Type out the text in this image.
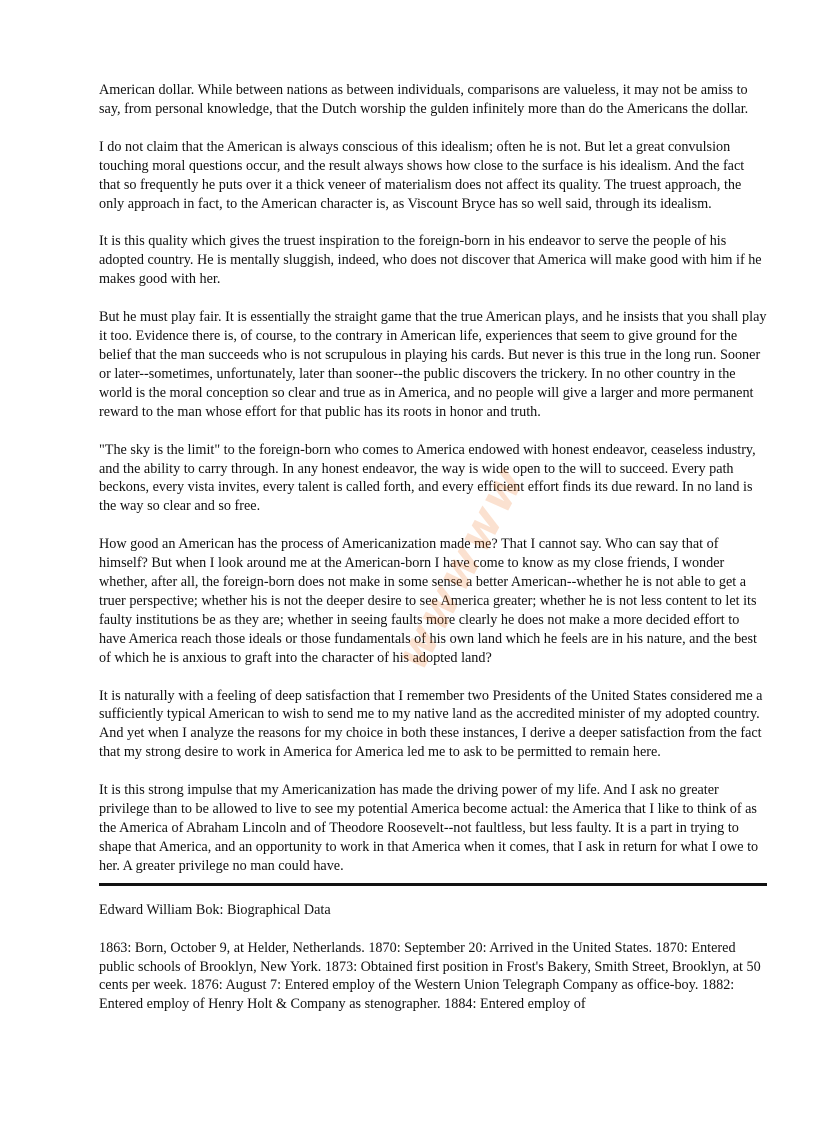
American dollar. While between nations as between individuals, comparisons are valueless, it may not be amiss to say, from personal knowledge, that the Dutch worship the gulden infinitely more than do the Americans the dollar.

I do not claim that the American is always conscious of this idealism; often he is not. But let a great convulsion touching moral questions occur, and the result always shows how close to the surface is his idealism. And the fact that so frequently he puts over it a thick veneer of materialism does not affect its quality. The truest approach, the only approach in fact, to the American character is, as Viscount Bryce has so well said, through its idealism.

It is this quality which gives the truest inspiration to the foreign-born in his endeavor to serve the people of his adopted country. He is mentally sluggish, indeed, who does not discover that America will make good with him if he makes good with her.

But he must play fair. It is essentially the straight game that the true American plays, and he insists that you shall play it too. Evidence there is, of course, to the contrary in American life, experiences that seem to give ground for the belief that the man succeeds who is not scrupulous in playing his cards. But never is this true in the long run. Sooner or later--sometimes, unfortunately, later than sooner--the public discovers the trickery. In no other country in the world is the moral conception so clear and true as in America, and no people will give a larger and more permanent reward to the man whose effort for that public has its roots in honor and truth.

"The sky is the limit" to the foreign-born who comes to America endowed with honest endeavor, ceaseless industry, and the ability to carry through. In any honest endeavor, the way is wide open to the will to succeed. Every path beckons, every vista invites, every talent is called forth, and every efficient effort finds its due reward. In no land is the way so clear and so free.

How good an American has the process of Americanization made me? That I cannot say. Who can say that of himself? But when I look around me at the American-born I have come to know as my close friends, I wonder whether, after all, the foreign-born does not make in some sense a better American--whether he is not able to get a truer perspective; whether his is not the deeper desire to see America greater; whether he is not less content to let its faulty institutions be as they are; whether in seeing faults more clearly he does not make a more decided effort to have America reach those ideals or those fundamentals of his own land which he feels are in his nature, and the best of which he is anxious to graft into the character of his adopted land?

It is naturally with a feeling of deep satisfaction that I remember two Presidents of the United States considered me a sufficiently typical American to wish to send me to my native land as the accredited minister of my adopted country. And yet when I analyze the reasons for my choice in both these instances, I derive a deeper satisfaction from the fact that my strong desire to work in America for America led me to ask to be permitted to remain here.

It is this strong impulse that my Americanization has made the driving power of my life. And I ask no greater privilege than to be allowed to live to see my potential America become actual: the America that I like to think of as the America of Abraham Lincoln and of Theodore Roosevelt--not faultless, but less faulty. It is a part in trying to shape that America, and an opportunity to work in that America when it comes, that I ask in return for what I owe to her. A greater privilege no man could have.

Edward William Bok: Biographical Data

1863: Born, October 9, at Helder, Netherlands. 1870: September 20: Arrived in the United States. 1870: Entered public schools of Brooklyn, New York. 1873: Obtained first position in Frost's Bakery, Smith Street, Brooklyn, at 50 cents per week. 1876: August 7: Entered employ of the Western Union Telegraph Company as office-boy. 1882: Entered employ of Henry Holt & Company as stenographer. 1884: Entered employ of

wwwww
